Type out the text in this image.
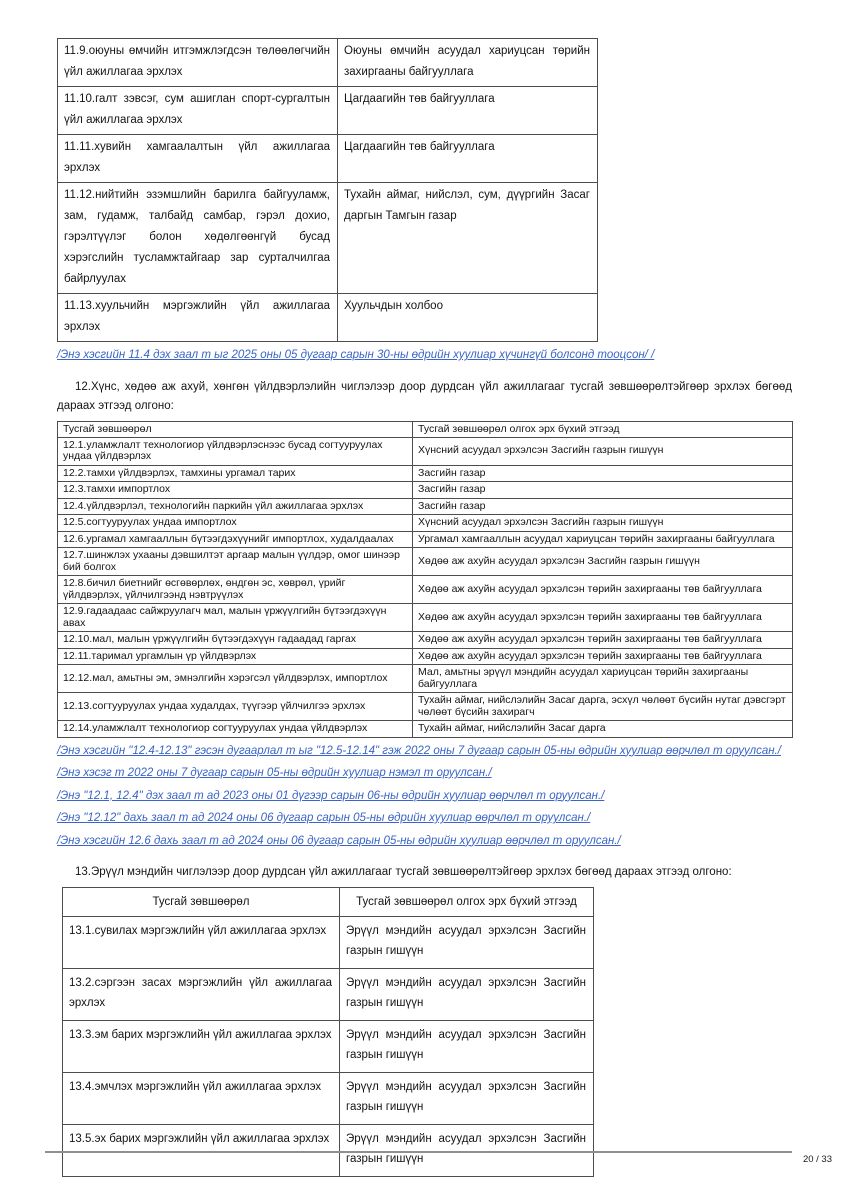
11.9.оюуны өмчийн итгэмжлэгдсэн төлөөлөгчийн үйл ажиллагаа эрхлэх	Оюуны өмчийн асуудал хариуцсан төрийн захиргааны байгууллага
11.10.галт зэвсэг, сум ашиглан спорт-сургалтын үйл ажиллагаа эрхлэх	Цагдаагийн төв байгууллага
11.11.хувийн хамгаалалтын үйл ажиллагаа эрхлэх	Цагдаагийн төв байгууллага
11.12.нийтийн эзэмшлийн барилга байгууламж, зам, гудамж, талбайд самбар, гэрэл дохио, гэрэлтүүлэг болон хөдөлгөөнгүй бусад хэрэгслийн тусламжтайгаар зар сурталчилгаа байрлуулах	Тухайн аймаг, нийслэл, сум, дүүргийн Засаг даргын Тамгын газар
11.13.хуульчийн мэргэжлийн үйл ажиллагаа эрхлэх	Хуульчдын холбоо

/Энэ хэсгийн 11.4 дэх заал т ыг 2025 оны 05 дугаар сарын 30-ны өдрийн хуулиар хүчингүй болсонд тооцсон/ /

12.Хүнс, хөдөө аж ахуй, хөнгөн үйлдвэрлэлийн чиглэлээр доор дурдсан үйл ажиллагааг тусгай зөвшөөрөлтэйгөөр эрхлэх бөгөөд дараах этгээд олгоно:

Тусгай зөвшөөрөл	Тусгай зөвшөөрөл олгох эрх бүхий этгээд
12.1.уламжлалт технологиор үйлдвэрлэснээс бусад согтууруулах ундаа үйлдвэрлэх	Хүнсний асуудал эрхэлсэн Засгийн газрын гишүүн
12.2.тамхи үйлдвэрлэх, тамхины ургамал тарих	Засгийн газар
12.3.тамхи импортлох	Засгийн газар
12.4.үйлдвэрлэл, технологийн паркийн үйл ажиллагаа эрхлэх	Засгийн газар
12.5.согтууруулах ундаа импортлох	Хүнсний асуудал эрхэлсэн Засгийн газрын гишүүн
12.6.ургамал хамгааллын бүтээгдэхүүнийг импортлох, худалдаалах	Ургамал хамгааллын асуудал хариуцсан төрийн захиргааны байгууллага
12.7.шинжлэх ухааны дэвшилтэт аргаар малын үүлдэр, омог шинээр бий болгох	Хөдөө аж ахуйн асуудал эрхэлсэн Засгийн газрын гишүүн
12.8.бичил биетнийг өсгөвөрлөх, өндгөн эс, хөврөл, үрийг үйлдвэрлэх, үйлчилгээнд нэвтрүүлэх	Хөдөө аж ахуйн асуудал эрхэлсэн төрийн захиргааны төв байгууллага
12.9.гадаадаас сайжруулагч мал, малын үржүүлгийн бүтээгдэхүүн авах	Хөдөө аж ахуйн асуудал эрхэлсэн төрийн захиргааны төв байгууллага
12.10.мал, малын үржүүлгийн бүтээгдэхүүн гадаадад гаргах	Хөдөө аж ахуйн асуудал эрхэлсэн төрийн захиргааны төв байгууллага
12.11.таримал ургамлын үр үйлдвэрлэх	Хөдөө аж ахуйн асуудал эрхэлсэн төрийн захиргааны төв байгууллага
12.12.мал, амьтны эм, эмнэлгийн хэрэгсэл үйлдвэрлэх, импортлох	Мал, амьтны эрүүл мэндийн асуудал хариуцсан төрийн захиргааны байгууллага
12.13.согтууруулах ундаа худалдах, түүгээр үйлчилгээ эрхлэх	Тухайн аймаг, нийслэлийн Засаг дарга, эсхүл чөлөөт бүсийн нутаг дэвсгэрт чөлөөт бүсийн захирагч
12.14.уламжлалт технологиор согтууруулах ундаа үйлдвэрлэх	Тухайн аймаг, нийслэлийн Засаг дарга

/Энэ хэсгийн "12.4-12.13" гэсэн дугаарлал т ыг "12.5-12.14" гэж 2022 оны 7 дугаар сарын 05-ны өдрийн хуулиар өөрчлөл т оруулсан./

/Энэ хэсэг т 2022 оны 7 дугаар сарын 05-ны өдрийн хуулиар нэмэл т оруулсан./

/Энэ "12.1, 12.4" дэх заал т ад 2023 оны 01 дүгээр сарын 06-ны өдрийн хуулиар өөрчлөл т оруулсан./

/Энэ "12.12" дахь заал т ад 2024 оны 06 дугаар сарын 05-ны өдрийн хуулиар өөрчлөл т оруулсан./

/Энэ хэсгийн 12.6 дахь заал т ад 2024 оны 06 дугаар сарын 05-ны өдрийн хуулиар өөрчлөл т оруулсан./

13.Эрүүл мэндийн чиглэлээр доор дурдсан үйл ажиллагааг тусгай зөвшөөрөлтэйгөөр эрхлэх бөгөөд дараах этгээд олгоно:

Тусгай зөвшөөрөл	Тусгай зөвшөөрөл олгох эрх бүхий этгээд
13.1.сувилах мэргэжлийн үйл ажиллагаа эрхлэх	Эрүүл мэндийн асуудал эрхэлсэн Засгийн газрын гишүүн
13.2.сэргээн засах мэргэжлийн үйл ажиллагаа эрхлэх	Эрүүл мэндийн асуудал эрхэлсэн Засгийн газрын гишүүн
13.3.эм барих мэргэжлийн үйл ажиллагаа эрхлэх	Эрүүл мэндийн асуудал эрхэлсэн Засгийн газрын гишүүн
13.4.эмчлэх мэргэжлийн үйл ажиллагаа эрхлэх	Эрүүл мэндийн асуудал эрхэлсэн Засгийн газрын гишүүн
13.5.эх барих мэргэжлийн үйл ажиллагаа эрхлэх	Эрүүл мэндийн асуудал эрхэлсэн Засгийн газрын гишүүн	20 / 33
